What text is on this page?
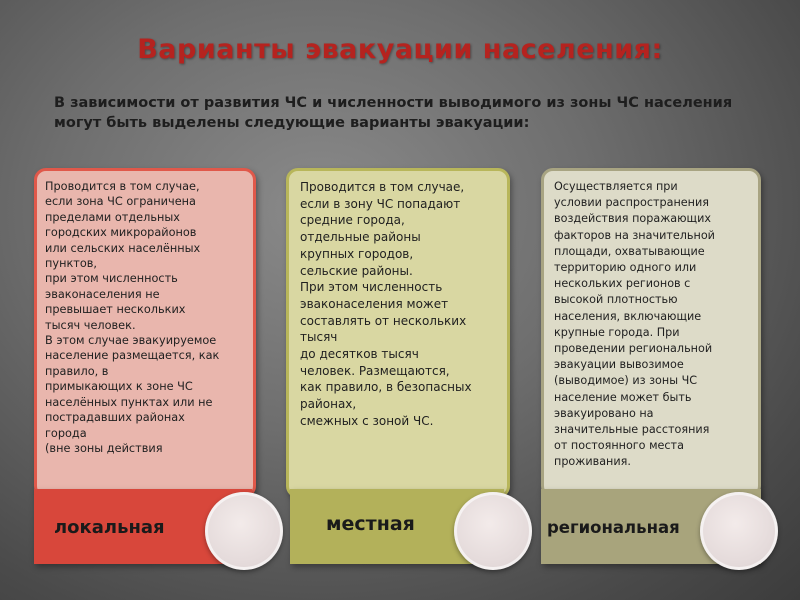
Варианты эвакуации населения:
В зависимости от развития ЧС и численности выводимого из зоны ЧС населения могут быть выделены следующие варианты эвакуации:
Проводится в том случае,
если зона ЧС ограничена
пределами отдельных
городских микрорайонов
или сельских населённых
пунктов,
при этом численность
эваконаселения не
превышает нескольких
тысяч человек.
В этом случае эвакуируемое
население размещается, как
правило, в
примыкающих к зоне ЧС
населённых пунктах или не
пострадавших районах
города
(вне зоны действия
Проводится в том случае,
если в зону ЧС попадают
средние города,
отдельные районы
крупных городов,
сельские районы.
При этом численность
эваконаселения может
составлять от нескольких
тысяч
до десятков тысяч
человек. Размещаются,
как правило, в безопасных
районах,
смежных с зоной ЧС.
Осуществляется при
условии распространения
воздействия поражающих
факторов на значительной
площади, охватывающие
территорию одного или
нескольких регионов с
высокой плотностью
населения, включающие
крупные города. При
проведении региональной
эвакуации вывозимое
(выводимое) из зоны ЧС
население может быть
эвакуировано на
значительные расстояния
от постоянного места
проживания.
локальная	местная	региональная
